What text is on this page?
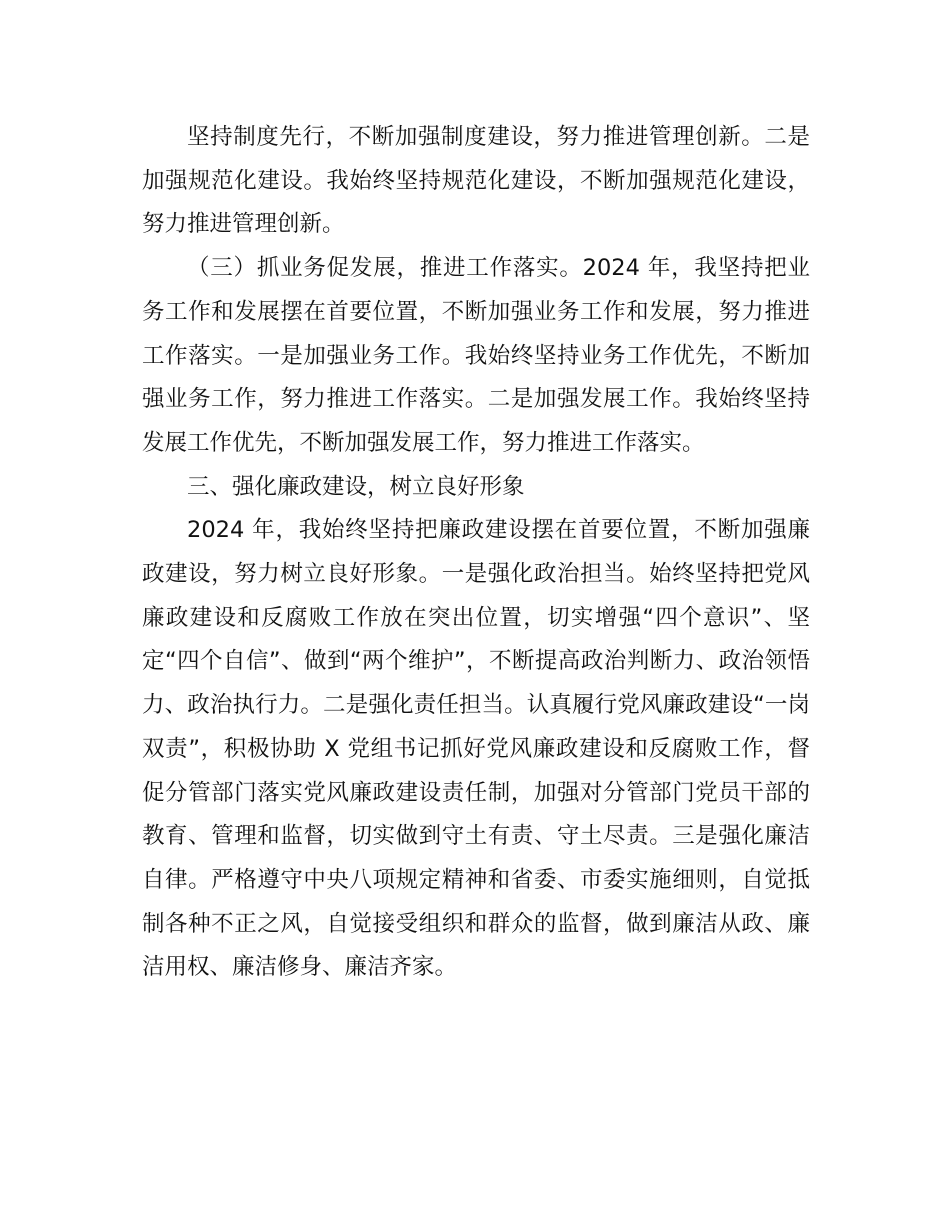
坚持制度先行，不断加强制度建设，努力推进管理创新。二是加强规范化建设。我始终坚持规范化建设，不断加强规范化建设，努力推进管理创新。

（三）抓业务促发展，推进工作落实。2024 年，我坚持把业务工作和发展摆在首要位置，不断加强业务工作和发展，努力推进工作落实。一是加强业务工作。我始终坚持业务工作优先，不断加强业务工作，努力推进工作落实。二是加强发展工作。我始终坚持发展工作优先，不断加强发展工作，努力推进工作落实。

三、强化廉政建设，树立良好形象

2024 年，我始终坚持把廉政建设摆在首要位置，不断加强廉政建设，努力树立良好形象。一是强化政治担当。始终坚持把党风廉政建设和反腐败工作放在突出位置，切实增强“四个意识”、坚定“四个自信”、做到“两个维护”，不断提高政治判断力、政治领悟力、政治执行力。二是强化责任担当。认真履行党风廉政建设“一岗双责”，积极协助 X 党组书记抓好党风廉政建设和反腐败工作，督促分管部门落实党风廉政建设责任制，加强对分管部门党员干部的教育、管理和监督，切实做到守土有责、守土尽责。三是强化廉洁自律。严格遵守中央八项规定精神和省委、市委实施细则，自觉抵制各种不正之风，自觉接受组织和群众的监督，做到廉洁从政、廉洁用权、廉洁修身、廉洁齐家。
